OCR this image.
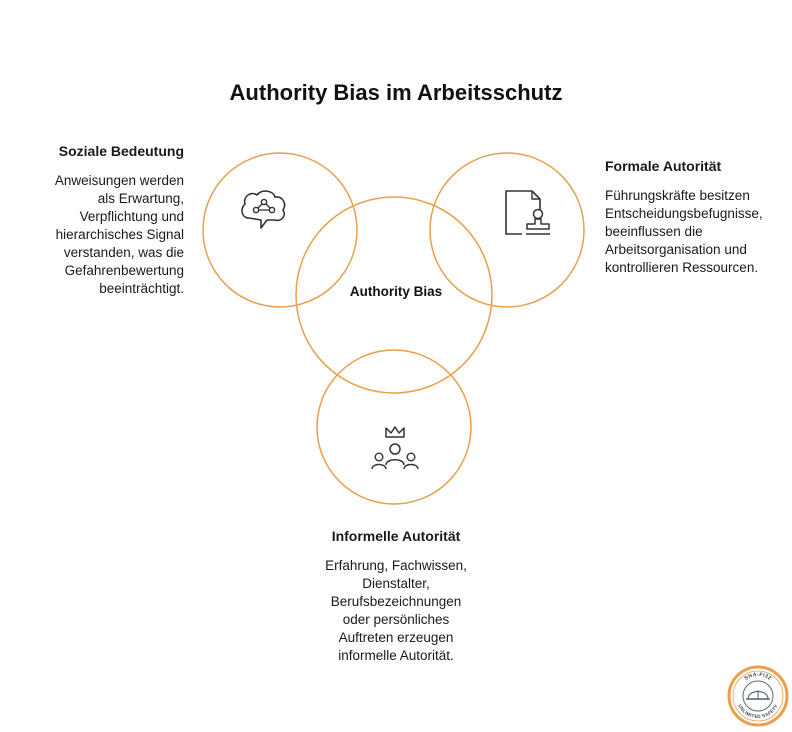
Authority Bias im Arbeitsschutz
Authority Bias
Soziale Bedeutung
Anweisungen werden
als Erwartung,
Verpflichtung und
hierarchisches Signal
verstanden, was die
Gefahrenbewertung
beeinträchtigt.
Formale Autorität
Führungskräfte besitzen
Entscheidungsbefugnisse,
beeinflussen die
Arbeitsorganisation und
kontrollieren Ressourcen.
Informelle Autorität
Erfahrung, Fachwissen,
Dienstalter,
Berufsbezeichnungen
oder persönliches
Auftreten erzeugen
informelle Autorität.
SHA-FI32
UNLIMITED SAFETY
